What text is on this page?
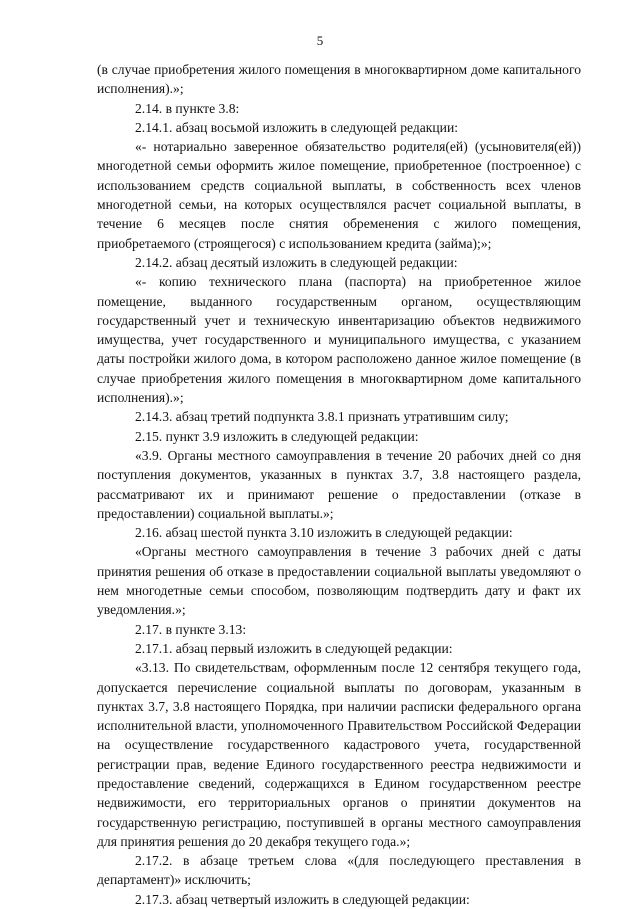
5

(в случае приобретения жилого помещения в многоквартирном доме капитального исполнения).»;

2.14. в пункте 3.8:

2.14.1. абзац восьмой изложить в следующей редакции:

«- нотариально заверенное обязательство родителя(ей) (усыновителя(ей)) многодетной семьи оформить жилое помещение, приобретенное (построенное) с использованием средств социальной выплаты, в собственность всех членов многодетной семьи, на которых осуществлялся расчет социальной выплаты, в течение 6 месяцев после снятия обременения с жилого помещения, приобретаемого (строящегося) с использованием кредита (займа);»;

2.14.2. абзац десятый изложить в следующей редакции:

«- копию технического плана (паспорта) на приобретенное жилое помещение, выданного государственным органом, осуществляющим государственный учет и техническую инвентаризацию объектов недвижимого имущества, учет государственного и муниципального имущества, с указанием даты постройки жилого дома, в котором расположено данное жилое помещение (в случае приобретения жилого помещения в многоквартирном доме капитального исполнения).»;

2.14.3. абзац третий подпункта 3.8.1 признать утратившим силу;

2.15. пункт 3.9 изложить в следующей редакции:

«3.9. Органы местного самоуправления в течение 20 рабочих дней со дня поступления документов, указанных в пунктах 3.7, 3.8 настоящего раздела, рассматривают их и принимают решение о предоставлении (отказе в предоставлении) социальной выплаты.»;

2.16. абзац шестой пункта 3.10 изложить в следующей редакции:

«Органы местного самоуправления в течение 3 рабочих дней с даты принятия решения об отказе в предоставлении социальной выплаты уведомляют о нем многодетные семьи способом, позволяющим подтвердить дату и факт их уведомления.»;

2.17. в пункте 3.13:

2.17.1. абзац первый изложить в следующей редакции:

«3.13. По свидетельствам, оформленным после 12 сентября текущего года, допускается перечисление социальной выплаты по договорам, указанным в пунктах 3.7, 3.8 настоящего Порядка, при наличии расписки федерального органа исполнительной власти, уполномоченного Правительством Российской Федерации на осуществление государственного кадастрового учета, государственной регистрации прав, ведение Единого государственного реестра недвижимости и предоставление сведений, содержащихся в Едином государственном реестре недвижимости, его территориальных органов о принятии документов на государственную регистрацию, поступившей в органы местного самоуправления для принятия решения до 20 декабря текущего года.»;

2.17.2. в абзаце третьем слова «(для последующего преставления в департамент)» исключить;

2.17.3. абзац четвертый изложить в следующей редакции:
